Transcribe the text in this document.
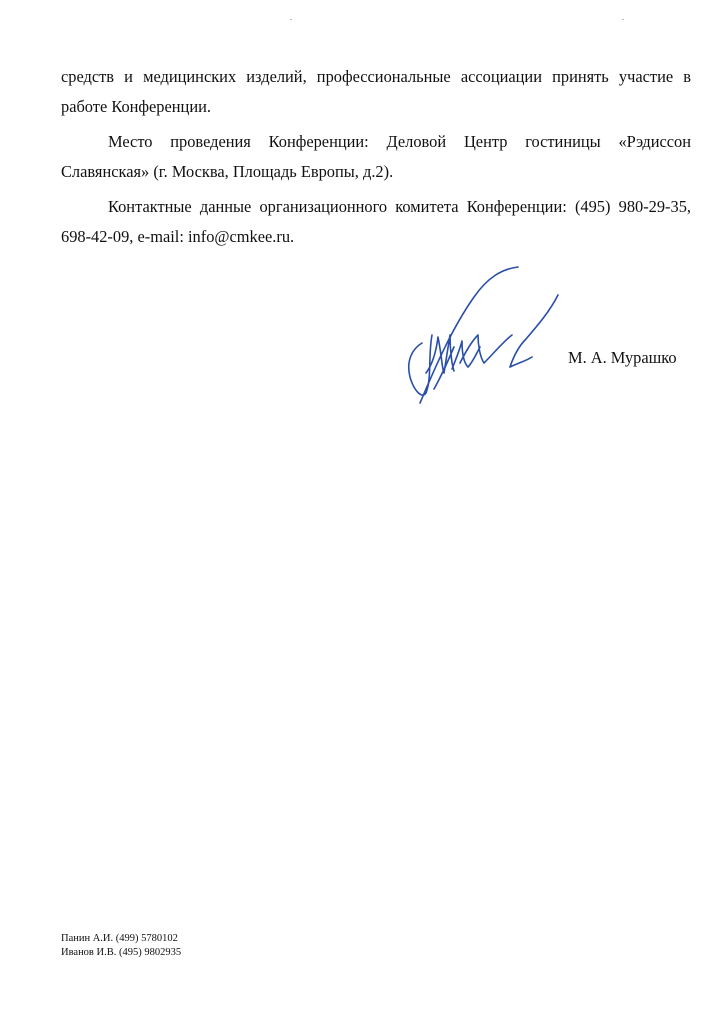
.	.

средств и медицинских изделий, профессиональные ассоциации принять участие в работе Конференции.

Место проведения Конференции: Деловой Центр гостиницы «Рэдиссон Славянская» (г. Москва, Площадь Европы, д.2).

Контактные данные организационного комитета Конференции: (495) 980-29-35, 698-42-09, e-mail: info@cmkee.ru.

М. А. Мурашко
Панин А.И. (499) 5780102
Иванов И.В. (495) 9802935
